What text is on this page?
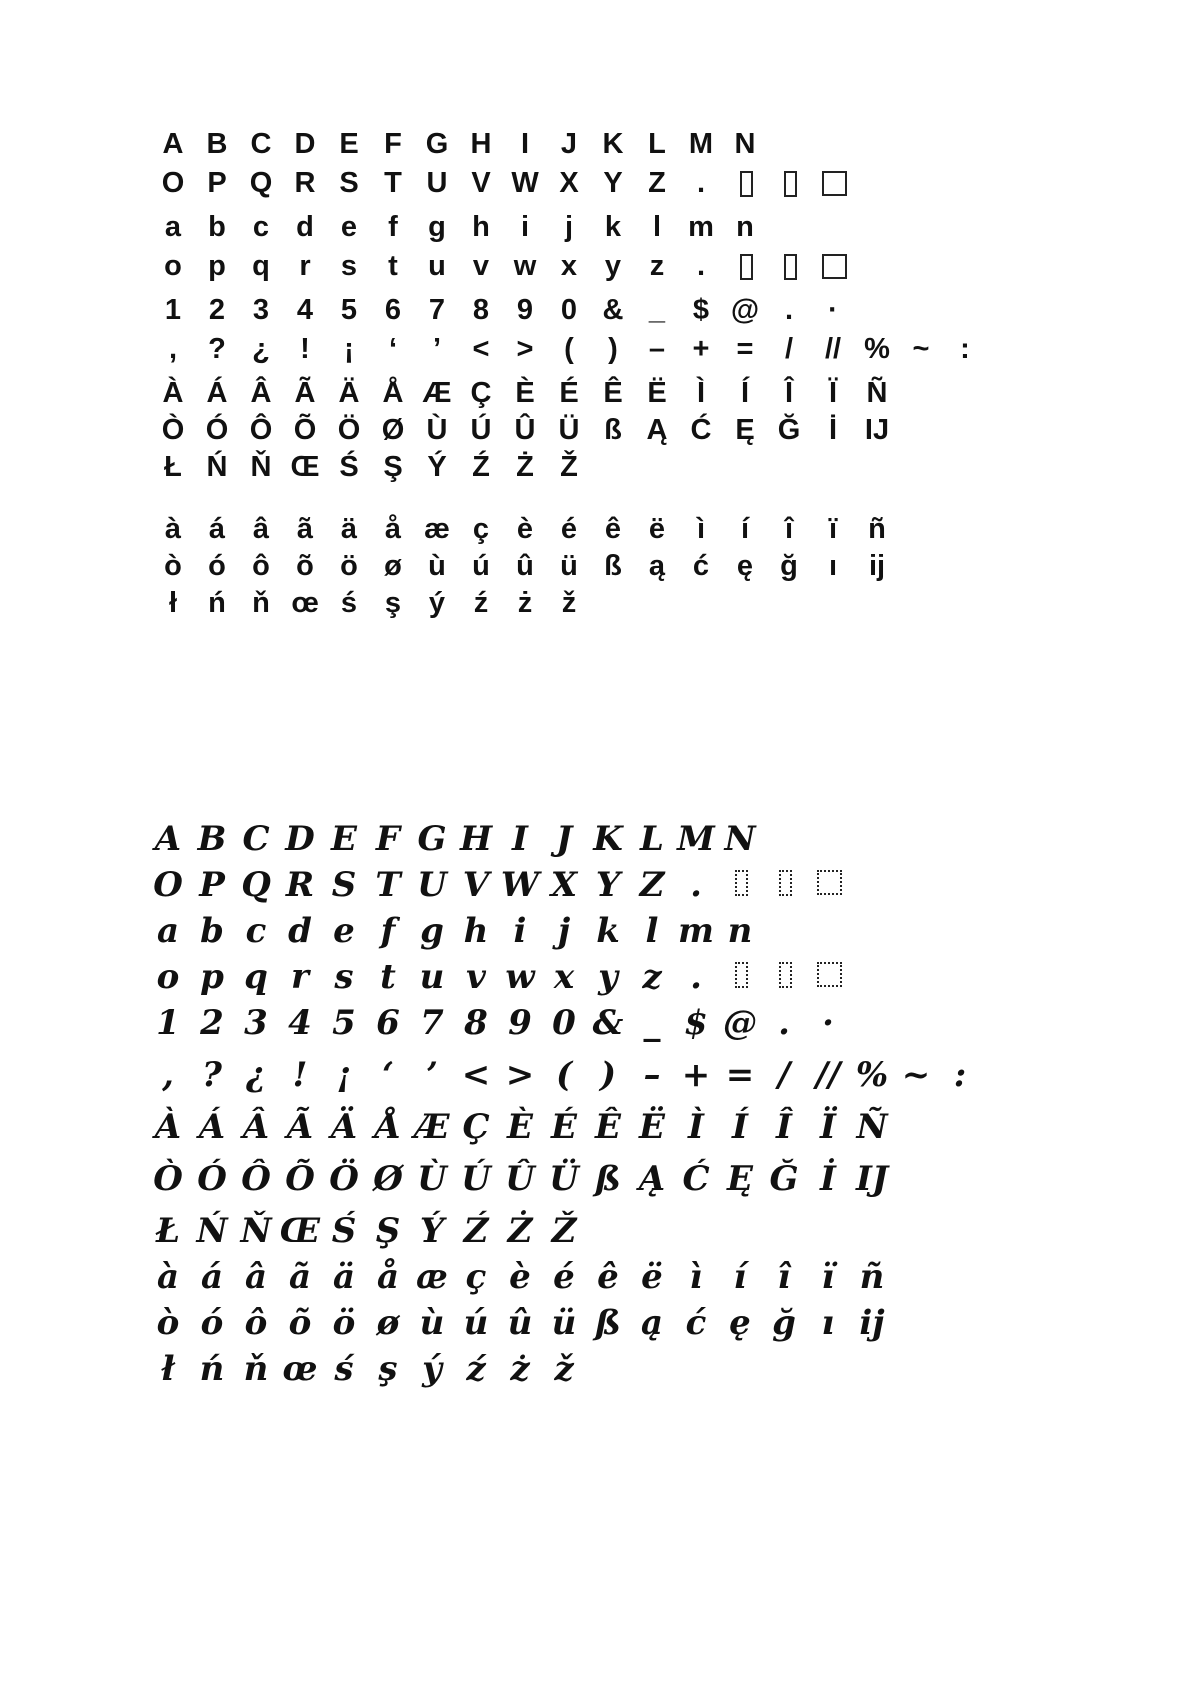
A B C D E F G H	I	J K L M N
O P Q R S T U V W X Y Z	.
a b c d e	f	g h	i	j	k	l m n
o p q	r	s	t	u v w x y z	.
1 2 3 4 5 6 7 8 9 0 & _ $ @ .	·
,	? ¿	!	¡	‘	’	< >	(	)	– + =	/	// % ~	:
À Á Â Ã Ä Å Æ Ç È É Ê Ë	Ì	Í	Î	Ï	Ñ
Ò Ó Ô Õ Ö Ø Ù Ú Û Ü ß Ą Ć Ę Ğ İ IJ
Ł Ń Ň Œ Ś Ş Ý Ź Ż Ž
à á â ã ä å æ ç è é ê ë	ì	í	î	ï	ñ
ò ó ô õ ö ø ù ú û ü ß ą ć ę ğ	ı	ij
ł	ń ň œ ś ş ý ź	ż	ž
A B C D E F G H I J K L M N
O P Q R S T U V W X Y Z .
a b c d e f g h i j k l m n
o p q r s t u v w x y z .
1 2 3 4 5 6 7 8 9 0 & _ $ @ . ·
, ? ¿ ! ¡ ‘ ’ < > ( ) – + = / // % ~ :
À Á Â Ã Ä Å Æ Ç È É Ê Ë Ì Í Î Ï Ñ
Ò Ó Ô Õ Ö Ø Ù Ú Û Ü ß Ą Ć Ę Ğ İ IJ
Ł Ń Ň Œ Ś Ş Ý Ź Ż Ž
à á â ã ä å æ ç è é ê ë ì í î ï ñ
ò ó ô õ ö ø ù ú û ü ß ą ć ę ğ ı ij
ł ń ň œ ś ş ý ź ż ž
